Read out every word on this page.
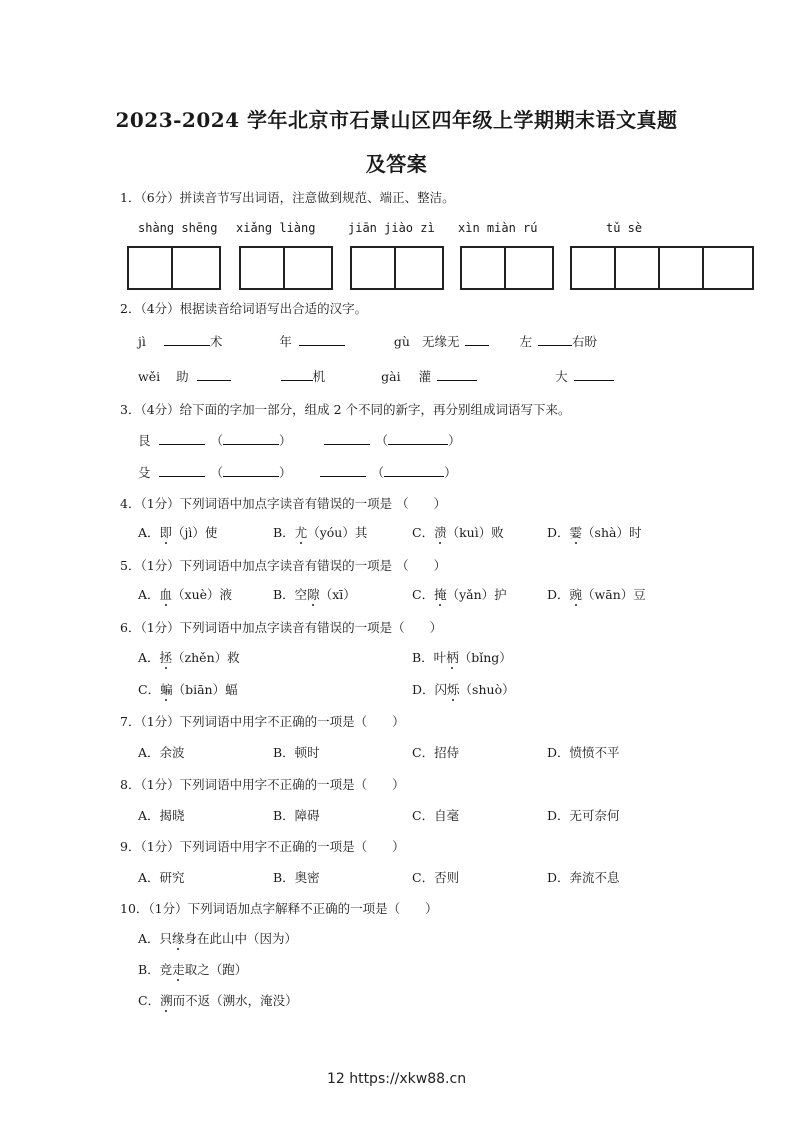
2023-2024 学年北京市石景山区四年级上学期期末语文真题
及答案
1．（6分）拼读音节写出词语，注意做到规范、端正、整洁。
shàng shēng xiǎng liàng	jiān jiào zì xìn miàn rú	tǔ sè
2．（4分）根据读音给词语写出合适的汉字。
jì	术	年	gù 无缘无	左	右盼
wěi 助	机	gài 灌	大
3．（4分）给下面的字加一部分，组成 2 个不同的新字，再分别组成词语写下来。
艮	（	）	（	）
殳	（	）	（	）
4．（1分）下列词语中加点字读音有错误的一项是 （　　）
A．即（jì）使	B．尤（yóu）其	C．溃（kuì）败	D．霎（shà）时
5．（1分）下列词语中加点字读音有错误的一项是 （　　）
A．血（xuè）液	B．空隙（xī）	C．掩（yǎn）护	D．豌（wān）豆
6．（1分）下列词语中加点字读音有错误的一项是（　　）
A．拯（zhěn）救	B．叶柄（bǐng）
C．蝙（biān）蝠	D．闪烁（shuò）
7．（1分）下列词语中用字不正确的一项是（　　）
A．余波	B．顿时	C．招侍	D．愤愤不平
8．（1分）下列词语中用字不正确的一项是（　　）
A．揭晓	B．障碍	C．自毫	D．无可奈何
9．（1分）下列词语中用字不正确的一项是（　　）
A．研究	B．奥密	C．否则	D．奔流不息
10．（1分）下列词语加点字解释不正确的一项是（　　）
A．只缘身在此山中（因为）
B．竞走取之（跑）
C．溯而不返（溯水，淹没）
12 https://xkw88.cn
